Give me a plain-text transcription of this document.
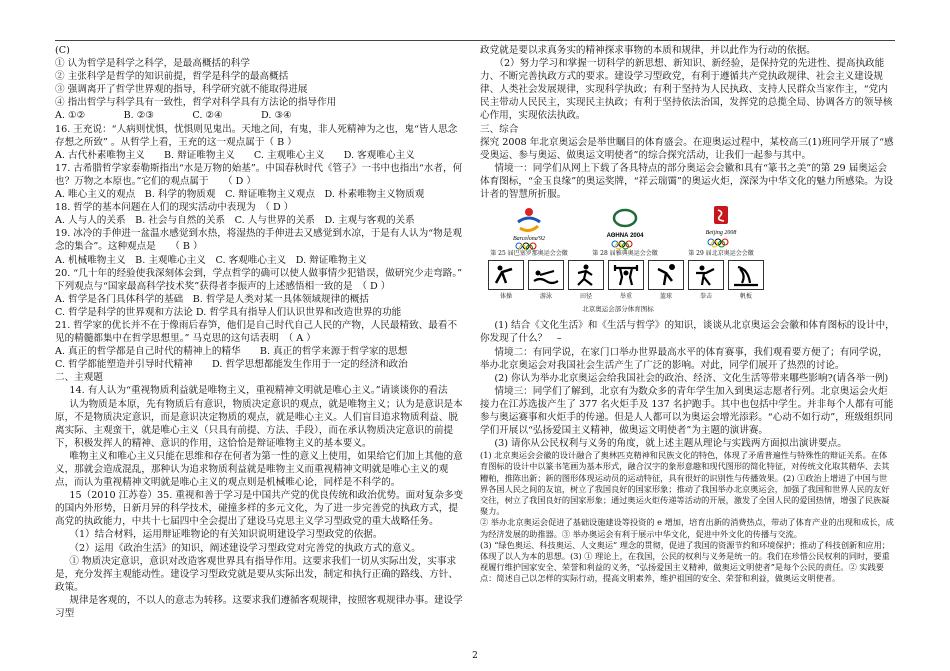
(C)

① 认为哲学是科学之科学，是最高概括的科学

② 主张科学是哲学的知识前提，哲学是科学的最高概括

③ 强调离开了哲学世界观的指导，科学研究就不能取得进展

④ 指出哲学与科学具有一致性，哲学对科学具有方法论的指导作用

A. ①②　　　　B. ②③　　　　C. ②④　　　　D. ③④

16. 王充说：“人病则忧惧，忧惧则见鬼出。天地之间，有鬼，非人死精神为之也，鬼“皆人思念存想之所致” 。从哲学上看，王充的这一观点属于（ B ）

A. 古代朴素唯物主义　　B. 辩证唯物主义　　C. 主观唯心主义　　D. 客观唯心主义

17. 古希腊哲学家泰勒斯指出“水是万物的始基”。中国春秋时代《管子》一书中也指出“水者，何也？万物之本原也。”它们的观点属于　　（ D ）

A. 唯心主义的观点　B. 科学的物质观　C. 辩证唯物主义观点　D. 朴素唯物主义物质观

18. 哲学的基本问题在人们的现实活动中表现为　（ D ）

A. 人与人的关系　B. 社会与自然的关系　C. 人与世界的关系　D. 主观与客观的关系

19. 冰冷的手伸进一盆温水感觉到水热，将湿热的手伸进去又感觉到水凉，于是有人认为“物是观念的集合”。这种观点是　　（ B ）

A. 机械唯物主义　B. 主观唯心主义　C. 客观唯心主义　D. 辩证唯物主义

20. “几十年的经验使我深刻体会到，学点哲学的确可以使人做事情少犯错误，做研究少走弯路。” 下列观点与“国家最高科学技术奖”获得者李振声的上述感悟相一致的是　（ D ）

A. 哲学是各门具体科学的基础　B. 哲学是人类对某一具体领域规律的概括

C. 哲学是科学的世界观和方法论 D. 哲学具有指导人们认识世界和改造世界的功能

21. 哲学家的优长并不在于像雨后春笋，他们是自己时代自己人民的产物，人民最精致、最看不见的精髓都集中在哲学思想里。” 马克思的这句话表明　（ A ）

A. 真正的哲学都是自己时代的精神上的精华　　B. 真正的哲学来源于哲学家的思想

C. 哲学都能塑造并引导时代精神　　D. 哲学思想都能发生作用于一定的经济和政治

二、主观题

14. 有人认为“重视物质利益就是唯物主义，重视精神文明就是唯心主义。”请谈谈你的看法

认为物质是本原，先有物质后有意识，物质决定意识的观点，就是唯物主义；认为是意识是本原，不是物质决定意识，而是意识决定物质的观点，就是唯心主义。人们盲目追求物质利益、脱离实际、主观蛮干，就是唯心主义（只具有前提、方法、手段），而在承认物质决定意识的前提下，积极发挥人的精神、意识的作用，这恰恰是辩证唯物主义的基本要义。

唯物主义和唯心主义只能在思维和存在何者为第一性的意义上使用，如果给它们加上其他的意义，那就会造成混乱，那种认为追求物质利益就是唯物主义而重视精神文明就是唯心主义的观点，而认为重视精神文明就是唯心主义的观点则是机械唯心论，同样是不科学的。

15（2010 江苏卷）35. 重视和善于学习是中国共产党的优良传统和政治优势。面对复杂多变的国内外形势，日新月异的科学技术，碰撞多样的多元文化，为了进一步完善党的执政方式，提高党的执政能力，中共十七届四中全会提出了建设马克思主义学习型政党的重大战略任务。

（1）结合材料，运用辩证唯物论的有关知识说明建设学习型政党的依据。

（2）运用《政治生活》的知识，阐述建设学习型政党对完善党的执政方式的意义。

① 物质决定意识，意识对改造客观世界具有指导作用。这要求我们一切从实际出发，实事求是，充分发挥主观能动性。建设学习型政党就是要从实际出发，制定和执行正确的路线、方针、政策。

规律是客观的，不以人的意志为转移。这要求我们遵循客观规律，按照客观规律办事。建设学习型

政党就是要以求真务实的精神探求事物的本质和规律，并以此作为行动的依据。

（2）努力学习和掌握一切科学的新思想、新知识、新经验，是保持党的先进性、提高执政能力、不断完善执政方式的要求。建设学习型政党，有利于遵循共产党执政规律、社会主义建设规律、人类社会发展规律，实现科学执政；有利于坚持为人民执政、支持人民群众当家作主，“党内民主带动人民民主，实现民主执政；有利于坚持依法治国，发挥党的总揽全局、协调各方的领导核心作用，实现依法执政。

三、综合

探究 2008 年北京奥运会是举世瞩目的体育盛会。在迎奥运过程中，某校高三(1)班同学开展了“感受奥运、参与奥运、做奥运文明使者”的综合探究活动，让我们一起参与其中。

情境一：同学们从网上下载了各具特点的部分奥运会会徽和具有“篆书之美”的第 29 届奥运会体育图标，“金玉良缘”的奥运奖牌，“祥云瑞霭”的奥运火炬，深深为中华文化的魅力所感染。为设计者的智慧所折服。

Barcelona'92
第 25 届巴塞罗那奥运会会徽
ΑΘΗΝΑ 2004
第 28 届雅典奥运会会徽
Beijing 2008
第 29 届北京奥运会会徽
体操	游泳	田径	举重	篮球	拳击	帆板
北京奥运会部分体育图标

(1) 结合《文化生活》和《生活与哲学》的知识，谈谈从北京奥运会会徽和体育图标的设计中，你发现了什么？　–

情境二：有同学说，在家门口举办世界最高水平的体育赛事，我们观看要方便了；有同学说，举办北京奥运会对我国社会生活产生了广泛的影响。对此，同学们展开了热烈的讨论。

(2) 你认为举办北京奥运会给我国社会的政治、经济、文化生活等带来哪些影响?(请各举一例)

情境三：同学们了解到，北京有为数众多的青年学生加入到奥运志愿者行列。北京奥运会火炬接力在江苏选拔产生了 377 名火炬手及 137 名护跑手。其中也包括中学生。并非每个人都有可能参与奥运赛事和火炬手的传递。但是人人都可以为奥运会增光添彩。“心动不如行动”，班级组织同学们开展以“弘扬爱国主义精神，做奥运文明使者”为主题的演讲赛。

(3) 请你从公民权利与义务的角度，就上述主题从理论与实践两方面拟出演讲要点。

(1) 北京奥运会会徽的设计融合了奥林匹克精神和民族文化的特色，体现了矛盾普遍性与特殊性的辩证关系。在体育图标的设计中以篆书笔画为基本形式，融合汉字的象形意趣和现代图形的简化特征，对传统文化取其精华、去其糟粕，推陈出新；新的图形体现运动员的运动特征，具有很好的识别性与传播效果。(2) ①政治上增进了中国与世界各国人民之间的友谊，树立了我国良好的国家形象；推动了我国举办北京奥运会，加强了我国和世界人民的友好交往，树立了我国良好的国家形象；通过奥运火炬传递等活动的开展，激发了全国人民的爱国热情，增强了民族凝聚力。

② 举办北京奥运会促进了基础设施建设等投资的 e 增加，培育出新的消费热点，带动了体育产业的出现和成长，成为经济发展的助推器。③ 举办奥运会有利于展示中华文化，促进中外文化的传播与交流。

(3) “绿色奥运、科技奥运、人文奥运” 理念的贯彻，促进了我国的资源节约和环境保护；推动了科技创新和应用；体现了以人为本的思想。(3) ① 理论上，在我国，公民的权利与义务是统一的。我们在珍惜公民权利的同时，要重视履行维护国家安全、荣誉和利益的义务，“弘扬爱国主义精神，做奥运文明使者”是每个公民的责任。② 实践要点：简述自己以怎样的实际行动，提高文明素养，维护祖国的安全、荣誉和利益，做奥运文明使者。

2
